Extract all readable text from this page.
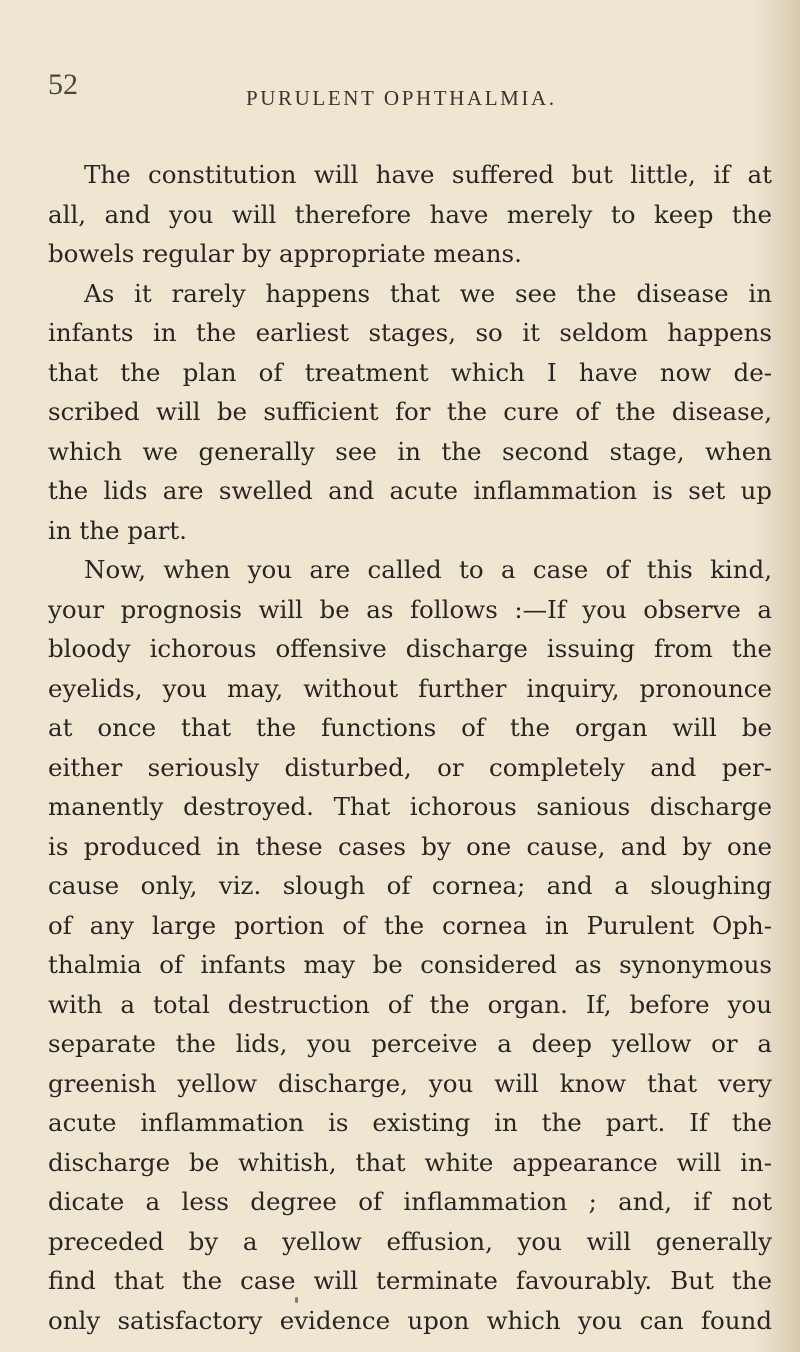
52	PURULENT OPHTHALMIA.
The constitution will have suffered but little, if at
all, and you will therefore have merely to keep the
bowels regular by appropriate means.
As it rarely happens that we see the disease in
infants in the earliest stages, so it seldom happens
that the plan of treatment which I have now de-
scribed will be sufficient for the cure of the disease,
which we generally see in the second stage, when
the lids are swelled and acute inflammation is set up
in the part.
Now, when you are called to a case of this kind,
your prognosis will be as follows :—If you observe a
bloody ichorous offensive discharge issuing from the
eyelids, you may, without further inquiry, pronounce
at once that the functions of the organ will be
either seriously disturbed, or completely and per-
manently destroyed. That ichorous sanious discharge
is produced in these cases by one cause, and by one
cause only, viz. slough of cornea; and a sloughing
of any large portion of the cornea in Purulent Oph-
thalmia of infants may be considered as synonymous
with a total destruction of the organ. If, before you
separate the lids, you perceive a deep yellow or a
greenish yellow discharge, you will know that very
acute inflammation is existing in the part. If the
discharge be whitish, that white appearance will in-
dicate a less degree of inflammation ; and, if not
preceded by a yellow effusion, you will generally
find that the case will terminate favourably. But the
only satisfactory evidence upon which you can found
